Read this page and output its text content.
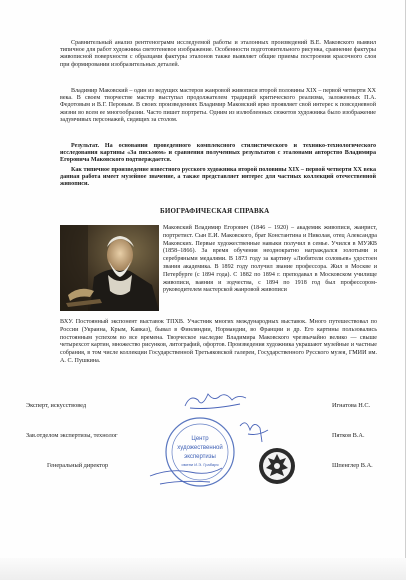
Сравнительный анализ рентгенограмм исследуемой работы и эталонных произведений В.Е. Маковского выявил типичное для работ художника светотеневое изображение. Особенности подготовительного рисунка, сравнение фактуры живописной поверхности с образцами фактуры эталонов также выявляет общие приемы построения красочного слоя при формировании изобразительных деталей.

Владимир Маковский – один из ведущих мастеров жанровой живописи второй половины XIX – первой четверти XX века. В своем творчестве мастер выступал продолжателем традиций критического реализма, заложенных П.А. Федотовым и В.Г. Перовым. В своих произведениях Владимир Маковский ярко проявляет свой интерес к повседневной жизни во всем ее многообразии. Часто пишет портреты. Одним из излюбленных сюжетов художника было изображение задумчивых персонажей, сидящих за столом.

Результат. На основании проведенного комплексного стилистического и технико-технологического исследования картины «За письмом» и сравнения полученных результатов с эталонами авторство Владимира Егоровича Маковского подтверждается.

Как типичное произведение известного русского художника второй половины XIX – первой четверти XX века данная работа имеет музейное значение, а также представляет интерес для частных коллекций отечественной живописи.

БИОГРАФИЧЕСКАЯ СПРАВКА

Маковский Владимир Егорович (1846 – 1920) – академик живописи, жанрист, портретист. Сын Е.И. Маковского, брат Константина и Николая, отец Александра Маковских. Первые художественные навыки получил в семье. Учился в МУЖВ (1858–1866). За время обучения неоднократно награждался золотыми и серебряными медалями. В 1873 году за картину «Любители соловьев» удостоен звания академика. В 1892 году получил звание профессора. Жил в Москве и Петербурге (с 1894 года). С 1882 по 1894 г. преподавал в Московском училище живописи, ваяния и зодчества, с 1894 по 1918 год был профессором-руководителем мастерской жанровой живописи

ВХУ. Постоянный экспонент выставок ТПХВ. Участник многих международных выставок. Много путешествовал по России (Украина, Крым, Кавказ), бывал в Финляндии, Нормандии, во Франции и др. Его картины пользовались постоянным успехом во все времена. Творческое наследие Владимира Маковского чрезвычайно велико — свыше четырехсот картин, множество рисунков, литографий, офортов. Произведения художника украшают музейные и частные собрания, в том числе коллекции Государственной Третьяковской галереи, Государственного Русского музея, ГМИИ им. А. С. Пушкина.

Центр
художественной
экспертизы
имени И.Э. Грабаря
Эксперт, искусствовед
Зав.отделом экспертизы, технолог
Генеральный директор
Игнатова Н.С.
Пятков В.А.
Шпенглер В.А.
